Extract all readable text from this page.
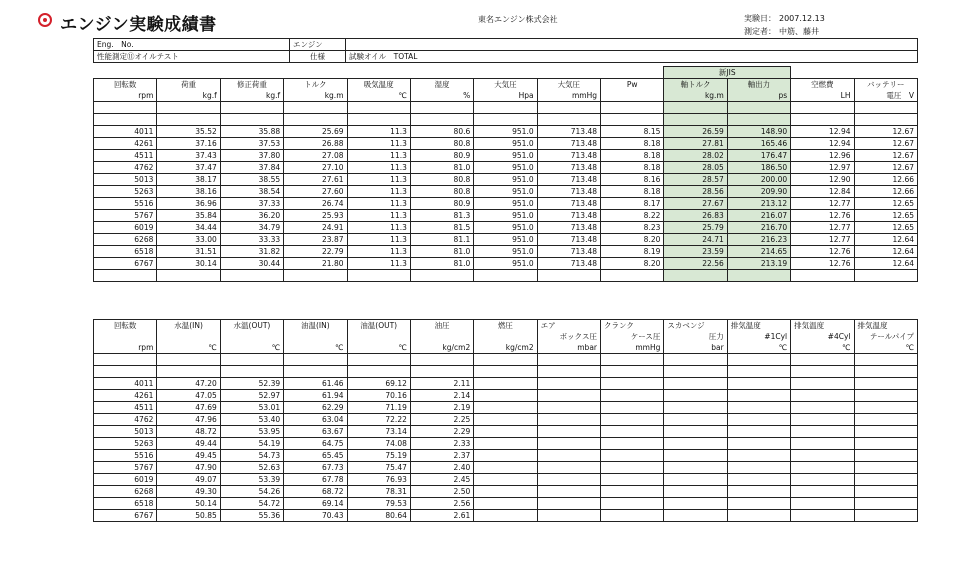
エンジン実験成績書	東名エンジン株式会社	実験日： 2007.12.13
測定者： 中筋、藤井
Eng.　No.	エンジン	
性能測定⑪オイルテスト	仕様	試験オイル　TOTAL
									新JIS			
回転数	荷重	修正荷重	トルク	吸気温度	湿度	大気圧	大気圧	Pw	軸トルク	軸出力	空燃費	バッテリー
rpm	kg.f	kg.f	kg.m	℃	%	Hpa	mmHg		kg.m	ps	LH	電圧　V

4011	35.52	35.88	25.69	11.3	80.6	951.0	713.48	8.15	26.59	148.90	12.94	12.67
4261	37.16	37.53	26.88	11.3	80.8	951.0	713.48	8.18	27.81	165.46	12.94	12.67
4511	37.43	37.80	27.08	11.3	80.9	951.0	713.48	8.18	28.02	176.47	12.96	12.67
4762	37.47	37.84	27.10	11.3	81.0	951.0	713.48	8.18	28.05	186.50	12.97	12.67
5013	38.17	38.55	27.61	11.3	80.8	951.0	713.48	8.16	28.57	200.00	12.90	12.66
5263	38.16	38.54	27.60	11.3	80.8	951.0	713.48	8.18	28.56	209.90	12.84	12.66
5516	36.96	37.33	26.74	11.3	80.9	951.0	713.48	8.17	27.67	213.12	12.77	12.65
5767	35.84	36.20	25.93	11.3	81.3	951.0	713.48	8.22	26.83	216.07	12.76	12.65
6019	34.44	34.79	24.91	11.3	81.5	951.0	713.48	8.23	25.79	216.70	12.77	12.65
6268	33.00	33.33	23.87	11.3	81.1	951.0	713.48	8.20	24.71	216.23	12.77	12.64
6518	31.51	31.82	22.79	11.3	81.0	951.0	713.48	8.19	23.59	214.65	12.76	12.64
6767	30.14	30.44	21.80	11.3	81.0	951.0	713.48	8.20	22.56	213.19	12.76	12.64

回転数	水温(IN)	水温(OUT)	油温(IN)	油温(OUT)	油圧	燃圧	エア	クランク	スカベンジ	排気温度	排気温度	排気温度
							ボックス圧	ケース圧	圧力	#1Cyl	#4Cyl	テールパイプ
rpm	℃	℃	℃	℃	kg/cm2	kg/cm2	mbar	mmHg	bar	℃	℃	℃

4011	47.20	52.39	61.46	69.12	2.11							
4261	47.05	52.97	61.94	70.16	2.14							
4511	47.69	53.01	62.29	71.19	2.19							
4762	47.96	53.40	63.04	72.22	2.25							
5013	48.72	53.95	63.67	73.14	2.29							
5263	49.44	54.19	64.75	74.08	2.33							
5516	49.45	54.73	65.45	75.19	2.37							
5767	47.90	52.63	67.73	75.47	2.40							
6019	49.07	53.39	67.78	76.93	2.45							
6268	49.30	54.26	68.72	78.31	2.50							
6518	50.14	54.72	69.14	79.53	2.56							
6767	50.85	55.36	70.43	80.64	2.61							
